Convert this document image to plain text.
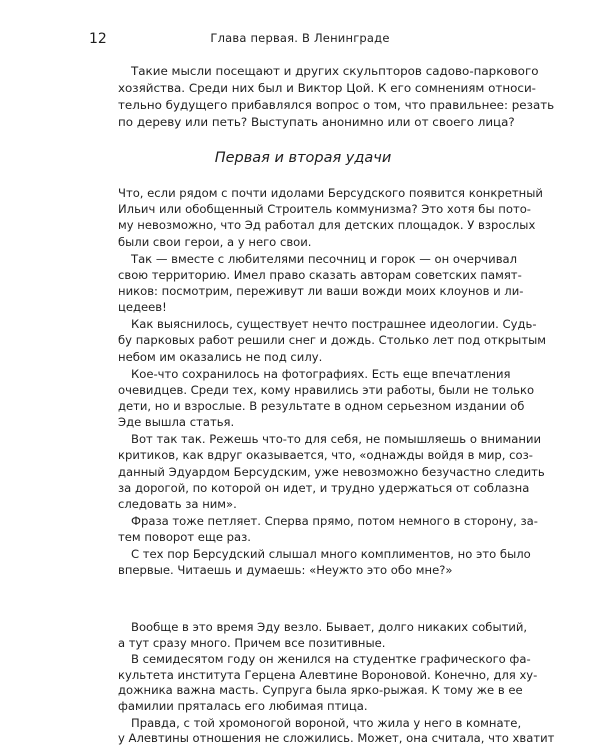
12	Глава первая. В Ленинграде
Такие мысли посещают и других скульпторов садово-паркового
хозяйства. Среди них был и Виктор Цой. К его сомнениям относи-
тельно будущего прибавлялся вопрос о том, что правильнее: резать
по дереву или петь? Выступать анонимно или от своего лица?
Первая и вторая удачи
Что, если рядом с почти идолами Берсудского появится конкретный
Ильич или обобщенный Строитель коммунизма? Это хотя бы пото-
му невозможно, что Эд работал для детских площадок. У взрослых
были свои герои, а у него свои.
Так — вместе с любителями песочниц и горок — он очерчивал
свою территорию. Имел право сказать авторам советских памят-
ников: посмотрим, переживут ли ваши вожди моих клоунов и ли-
цедеев!
Как выяснилось, существует нечто пострашнее идеологии. Судь-
бу парковых работ решили снег и дождь. Столько лет под открытым
небом им оказались не под силу.
Кое-что сохранилось на фотографиях. Есть еще впечатления
очевидцев. Среди тех, кому нравились эти работы, были не только
дети, но и взрослые. В результате в одном серьезном издании об
Эде вышла статья.
Вот так так. Режешь что-то для себя, не помышляешь о внимании
критиков, как вдруг оказывается, что, «однажды войдя в мир, соз-
данный Эдуардом Берсудским, уже невозможно безучастно следить
за дорогой, по которой он идет, и трудно удержаться от соблазна
следовать за ним».
Фраза тоже петляет. Сперва прямо, потом немного в сторону, за-
тем поворот еще раз.
С тех пор Берсудский слышал много комплиментов, но это было
впервые. Читаешь и думаешь: «Неужто это обо мне?»
Вообще в это время Эду везло. Бывает, долго никаких событий,
а тут сразу много. Причем все позитивные.
В семидесятом году он женился на студентке графического фа-
культета института Герцена Алевтине Вороновой. Конечно, для ху-
дожника важна масть. Супруга была ярко-рыжая. К тому же в ее
фамилии пряталась его любимая птица.
Правда, с той хромоногой вороной, что жила у него в комнате,
у Алевтины отношения не сложились. Может, она считала, что хватит
